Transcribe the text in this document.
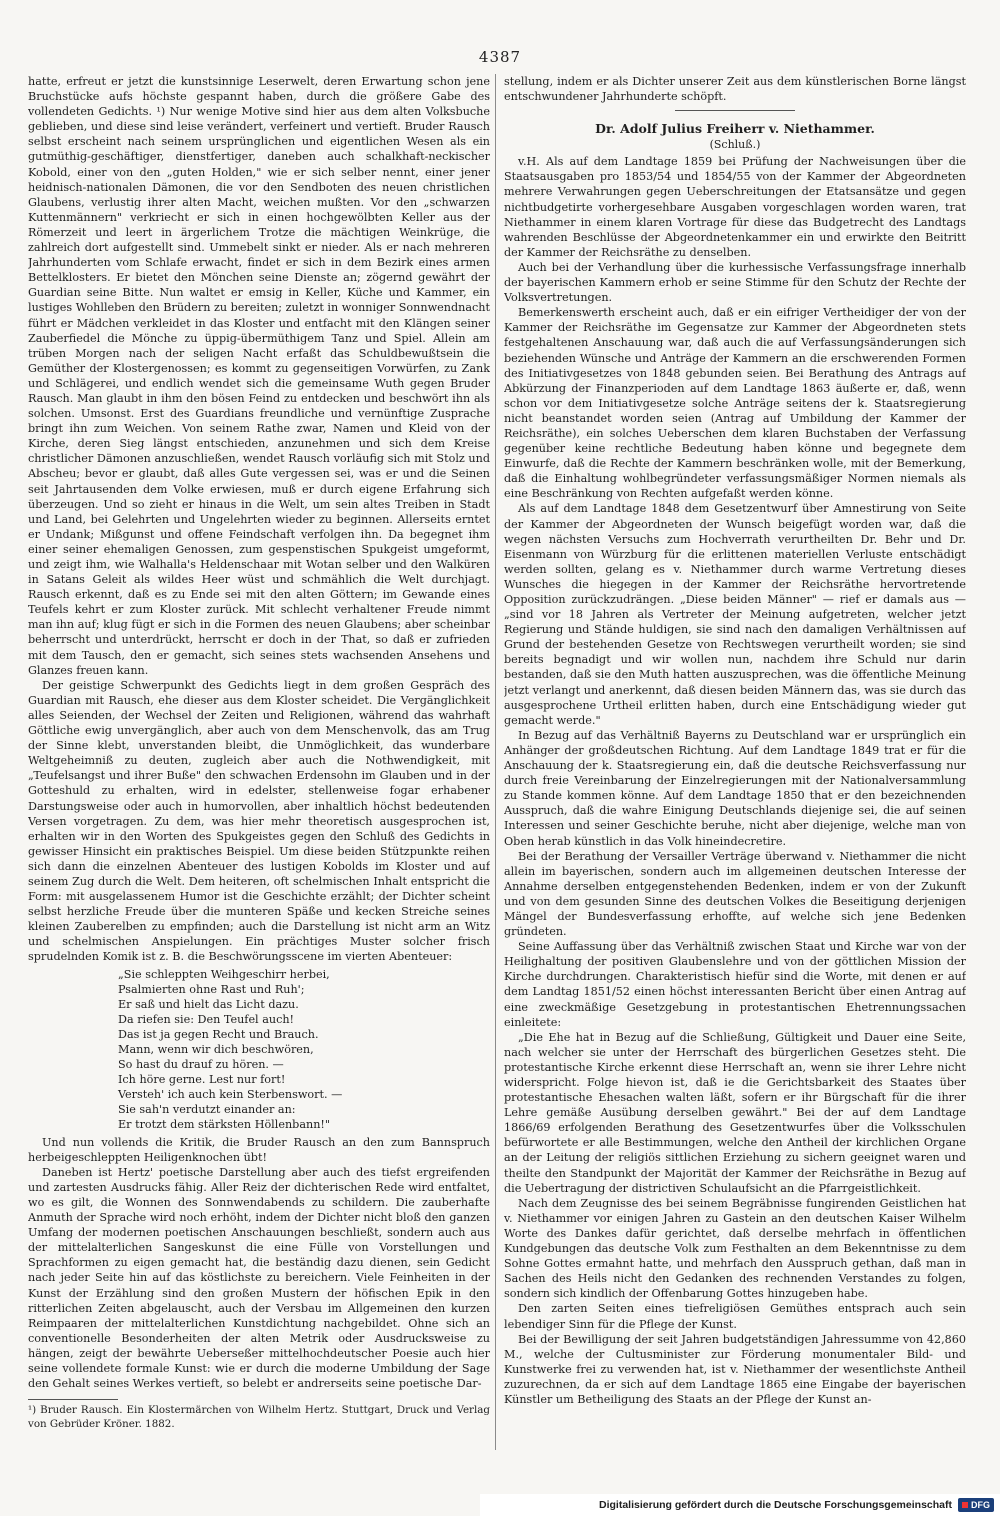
4387

hatte, erfreut er jetzt die kunstsinnige Leserwelt, deren Erwartung schon jene Bruchstücke aufs höchste gespannt haben, durch die größere Gabe des vollendeten Gedichts. ¹) Nur wenige Motive sind hier aus dem alten Volksbuche geblieben, und diese sind leise verändert, verfeinert und vertieft. Bruder Rausch selbst erscheint nach seinem ursprünglichen und eigentlichen Wesen als ein gutmüthig-geschäftiger, dienstfertiger, daneben auch schalkhaft-neckischer Kobold, einer von den „guten Holden," wie er sich selber nennt, einer jener heidnisch-nationalen Dämonen, die vor den Sendboten des neuen christlichen Glaubens, verlustig ihrer alten Macht, weichen mußten. Vor den „schwarzen Kuttenmännern" verkriecht er sich in einen hochgewölbten Keller aus der Römerzeit und leert in ärgerlichem Trotze die mächtigen Weinkrüge, die zahlreich dort aufgestellt sind. Ummebelt sinkt er nieder. Als er nach mehreren Jahrhunderten vom Schlafe erwacht, findet er sich in dem Bezirk eines armen Bettelklosters. Er bietet den Mönchen seine Dienste an; zögernd gewährt der Guardian seine Bitte. Nun waltet er emsig in Keller, Küche und Kammer, ein lustiges Wohlleben den Brüdern zu bereiten; zuletzt in wonniger Sonnwendnacht führt er Mädchen verkleidet in das Kloster und entfacht mit den Klängen seiner Zauberfiedel die Mönche zu üppig-übermüthigem Tanz und Spiel. Allein am trüben Morgen nach der seligen Nacht erfaßt das Schuldbewußtsein die Gemüther der Klostergenossen; es kommt zu gegenseitigen Vorwürfen, zu Zank und Schlägerei, und endlich wendet sich die gemeinsame Wuth gegen Bruder Rausch. Man glaubt in ihm den bösen Feind zu entdecken und beschwört ihn als solchen. Umsonst. Erst des Guardians freundliche und vernünftige Zusprache bringt ihn zum Weichen. Von seinem Rathe zwar, Namen und Kleid von der Kirche, deren Sieg längst entschieden, anzunehmen und sich dem Kreise christlicher Dämonen anzuschließen, wendet Rausch vorläufig sich mit Stolz und Abscheu; bevor er glaubt, daß alles Gute vergessen sei, was er und die Seinen seit Jahrtausenden dem Volke erwiesen, muß er durch eigene Erfahrung sich überzeugen. Und so zieht er hinaus in die Welt, um sein altes Treiben in Stadt und Land, bei Gelehrten und Ungelehrten wieder zu beginnen. Allerseits erntet er Undank; Mißgunst und offene Feindschaft verfolgen ihn. Da begegnet ihm einer seiner ehemaligen Genossen, zum gespenstischen Spukgeist umgeformt, und zeigt ihm, wie Walhalla's Heldenschaar mit Wotan selber und den Walküren in Satans Geleit als wildes Heer wüst und schmählich die Welt durchjagt. Rausch erkennt, daß es zu Ende sei mit den alten Göttern; im Gewande eines Teufels kehrt er zum Kloster zurück. Mit schlecht verhaltener Freude nimmt man ihn auf; klug fügt er sich in die Formen des neuen Glaubens; aber scheinbar beherrscht und unterdrückt, herrscht er doch in der That, so daß er zufrieden mit dem Tausch, den er gemacht, sich seines stets wachsenden Ansehens und Glanzes freuen kann.

Der geistige Schwerpunkt des Gedichts liegt in dem großen Gespräch des Guardian mit Rausch, ehe dieser aus dem Kloster scheidet. Die Vergänglichkeit alles Seienden, der Wechsel der Zeiten und Religionen, während das wahrhaft Göttliche ewig unvergänglich, aber auch von dem Menschenvolk, das am Trug der Sinne klebt, unverstanden bleibt, die Unmöglichkeit, das wunderbare Weltgeheimniß zu deuten, zugleich aber auch die Nothwendigkeit, mit „Teufelsangst und ihrer Buße" den schwachen Erdensohn im Glauben und in der Gotteshuld zu erhalten, wird in edelster, stellenweise fogar erhabener Darstungsweise oder auch in humorvollen, aber inhaltlich höchst bedeutenden Versen vorgetragen. Zu dem, was hier mehr theoretisch ausgesprochen ist, erhalten wir in den Worten des Spukgeistes gegen den Schluß des Gedichts in gewisser Hinsicht ein praktisches Beispiel. Um diese beiden Stützpunkte reihen sich dann die einzelnen Abenteuer des lustigen Kobolds im Kloster und auf seinem Zug durch die Welt. Dem heiteren, oft schelmischen Inhalt entspricht die Form: mit ausgelassenem Humor ist die Geschichte erzählt; der Dichter scheint selbst herzliche Freude über die munteren Späße und kecken Streiche seines kleinen Zauberelben zu empfinden; auch die Darstellung ist nicht arm an Witz und schelmischen Anspielungen. Ein prächtiges Muster solcher frisch sprudelnden Komik ist z. B. die Beschwörungsscene im vierten Abenteuer:

„Sie schleppten Weihgeschirr herbei,
Psalmierten ohne Rast und Ruh';
Er saß und hielt das Licht dazu.
Da riefen sie: Den Teufel auch!
Das ist ja gegen Recht und Brauch.
Mann, wenn wir dich beschwören,
So hast du drauf zu hören. —
Ich höre gerne. Lest nur fort!
Versteh' ich auch kein Sterbenswort. —
Sie sah'n verdutzt einander an:
Er trotzt dem stärksten Höllenbann!"

Und nun vollends die Kritik, die Bruder Rausch an den zum Bannspruch herbeigeschleppten Heiligenknochen übt!

Daneben ist Hertz' poetische Darstellung aber auch des tiefst ergreifenden und zartesten Ausdrucks fähig. Aller Reiz der dichterischen Rede wird entfaltet, wo es gilt, die Wonnen des Sonnwendabends zu schildern. Die zauberhafte Anmuth der Sprache wird noch erhöht, indem der Dichter nicht bloß den ganzen Umfang der modernen poetischen Anschauungen beschließt, sondern auch aus der mittelalterlichen Sangeskunst die eine Fülle von Vorstellungen und Sprachformen zu eigen gemacht hat, die beständig dazu dienen, sein Gedicht nach jeder Seite hin auf das köstlichste zu bereichern. Viele Feinheiten in der Kunst der Erzählung sind den großen Mustern der höfischen Epik in den ritterlichen Zeiten abgelauscht, auch der Versbau im Allgemeinen den kurzen Reimpaaren der mittelalterlichen Kunstdichtung nachgebildet. Ohne sich an conventionelle Besonderheiten der alten Metrik oder Ausdrucksweise zu hängen, zeigt der bewährte Ueberseßer mittelhochdeutscher Poesie auch hier seine vollendete formale Kunst: wie er durch die moderne Umbildung der Sage den Gehalt seines Werkes vertieft, so belebt er andrerseits seine poetische Dar-

¹) Bruder Rausch. Ein Klostermärchen von Wilhelm Hertz. Stuttgart, Druck und Verlag von Gebrüder Kröner. 1882.

stellung, indem er als Dichter unserer Zeit aus dem künstlerischen Borne längst entschwundener Jahrhunderte schöpft.

Dr. Adolf Julius Freiherr v. Niethammer.
(Schluß.)

v.H. Als auf dem Landtage 1859 bei Prüfung der Nachweisungen über die Staatsausgaben pro 1853/54 und 1854/55 von der Kammer der Abgeordneten mehrere Verwahrungen gegen Ueberschreitungen der Etatsansätze und gegen nichtbudgetirte vorhergesehbare Ausgaben vorgeschlagen worden waren, trat Niethammer in einem klaren Vortrage für diese das Budgetrecht des Landtags wahrenden Beschlüsse der Abgeordnetenkammer ein und erwirkte den Beitritt der Kammer der Reichsräthe zu denselben.

Auch bei der Verhandlung über die kurhessische Verfassungsfrage innerhalb der bayerischen Kammern erhob er seine Stimme für den Schutz der Rechte der Volksvertretungen.

Bemerkenswerth erscheint auch, daß er ein eifriger Vertheidiger der von der Kammer der Reichsräthe im Gegensatze zur Kammer der Abgeordneten stets festgehaltenen Anschauung war, daß auch die auf Verfassungsänderungen sich beziehenden Wünsche und Anträge der Kammern an die erschwerenden Formen des Initiativgesetzes von 1848 gebunden seien. Bei Berathung des Antrags auf Abkürzung der Finanzperioden auf dem Landtage 1863 äußerte er, daß, wenn schon vor dem Initiativgesetze solche Anträge seitens der k. Staatsregierung nicht beanstandet worden seien (Antrag auf Umbildung der Kammer der Reichsräthe), ein solches Ueberschen dem klaren Buchstaben der Verfassung gegenüber keine rechtliche Bedeutung haben könne und begegnete dem Einwurfe, daß die Rechte der Kammern beschränken wolle, mit der Bemerkung, daß die Einhaltung wohlbegründeter verfassungsmäßiger Normen niemals als eine Beschränkung von Rechten aufgefaßt werden könne.

Als auf dem Landtage 1848 dem Gesetzentwurf über Amnestirung von Seite der Kammer der Abgeordneten der Wunsch beigefügt worden war, daß die wegen nächsten Versuchs zum Hochverrath verurtheilten Dr. Behr und Dr. Eisenmann von Würzburg für die erlittenen materiellen Verluste entschädigt werden sollten, gelang es v. Niethammer durch warme Vertretung dieses Wunsches die hiegegen in der Kammer der Reichsräthe hervortretende Opposition zurückzudrängen. „Diese beiden Männer" — rief er damals aus — „sind vor 18 Jahren als Vertreter der Meinung aufgetreten, welcher jetzt Regierung und Stände huldigen, sie sind nach den damaligen Verhältnissen auf Grund der bestehenden Gesetze von Rechtswegen verurtheilt worden; sie sind bereits begnadigt und wir wollen nun, nachdem ihre Schuld nur darin bestanden, daß sie den Muth hatten auszusprechen, was die öffentliche Meinung jetzt verlangt und anerkennt, daß diesen beiden Männern das, was sie durch das ausgesprochene Urtheil erlitten haben, durch eine Entschädigung wieder gut gemacht werde."

In Bezug auf das Verhältniß Bayerns zu Deutschland war er ursprünglich ein Anhänger der großdeutschen Richtung. Auf dem Landtage 1849 trat er für die Anschauung der k. Staatsregierung ein, daß die deutsche Reichsverfassung nur durch freie Vereinbarung der Einzelregierungen mit der Nationalversammlung zu Stande kommen könne. Auf dem Landtage 1850 that er den bezeichnenden Ausspruch, daß die wahre Einigung Deutschlands diejenige sei, die auf seinen Interessen und seiner Geschichte beruhe, nicht aber diejenige, welche man von Oben herab künstlich in das Volk hineindecretire.

Bei der Berathung der Versailler Verträge überwand v. Niethammer die nicht allein im bayerischen, sondern auch im allgemeinen deutschen Interesse der Annahme derselben entgegenstehenden Bedenken, indem er von der Zukunft und von dem gesunden Sinne des deutschen Volkes die Beseitigung derjenigen Mängel der Bundesverfassung erhoffte, auf welche sich jene Bedenken gründeten.

Seine Auffassung über das Verhältniß zwischen Staat und Kirche war von der Heilighaltung der positiven Glaubenslehre und von der göttlichen Mission der Kirche durchdrungen. Charakteristisch hiefür sind die Worte, mit denen er auf dem Landtag 1851/52 einen höchst interessanten Bericht über einen Antrag auf eine zweckmäßige Gesetzgebung in protestantischen Ehetrennungssachen einleitete:

„Die Ehe hat in Bezug auf die Schließung, Gültigkeit und Dauer eine Seite, nach welcher sie unter der Herrschaft des bürgerlichen Gesetzes steht. Die protestantische Kirche erkennt diese Herrschaft an, wenn sie ihrer Lehre nicht widerspricht. Folge hievon ist, daß ie die Gerichtsbarkeit des Staates über protestantische Ehesachen walten läßt, sofern er ihr Bürgschaft für die ihrer Lehre gemäße Ausübung derselben gewährt." Bei der auf dem Landtage 1866/69 erfolgenden Berathung des Gesetzentwurfes über die Volksschulen befürwortete er alle Bestimmungen, welche den Antheil der kirchlichen Organe an der Leitung der religiös sittlichen Erziehung zu sichern geeignet waren und theilte den Standpunkt der Majorität der Kammer der Reichsräthe in Bezug auf die Uebertragung der districtiven Schulaufsicht an die Pfarrgeistlichkeit.

Nach dem Zeugnisse des bei seinem Begräbnisse fungirenden Geistlichen hat v. Niethammer vor einigen Jahren zu Gastein an den deutschen Kaiser Wilhelm Worte des Dankes dafür gerichtet, daß derselbe mehrfach in öffentlichen Kundgebungen das deutsche Volk zum Festhalten an dem Bekenntnisse zu dem Sohne Gottes ermahnt hatte, und mehrfach den Ausspruch gethan, daß man in Sachen des Heils nicht den Gedanken des rechnenden Verstandes zu folgen, sondern sich kindlich der Offenbarung Gottes hinzugeben habe.

Den zarten Seiten eines tiefreligiösen Gemüthes entsprach auch sein lebendiger Sinn für die Pflege der Kunst.

Bei der Bewilligung der seit Jahren budgetständigen Jahressumme von 42,860 M., welche der Cultusminister zur Förderung monumentaler Bild- und Kunstwerke frei zu verwenden hat, ist v. Niethammer der wesentlichste Antheil zuzurechnen, da er sich auf dem Landtage 1865 eine Eingabe der bayerischen Künstler um Betheiligung des Staats an der Pflege der Kunst an-

Digitalisierung gefördert durch die Deutsche Forschungsgemeinschaft DFG
